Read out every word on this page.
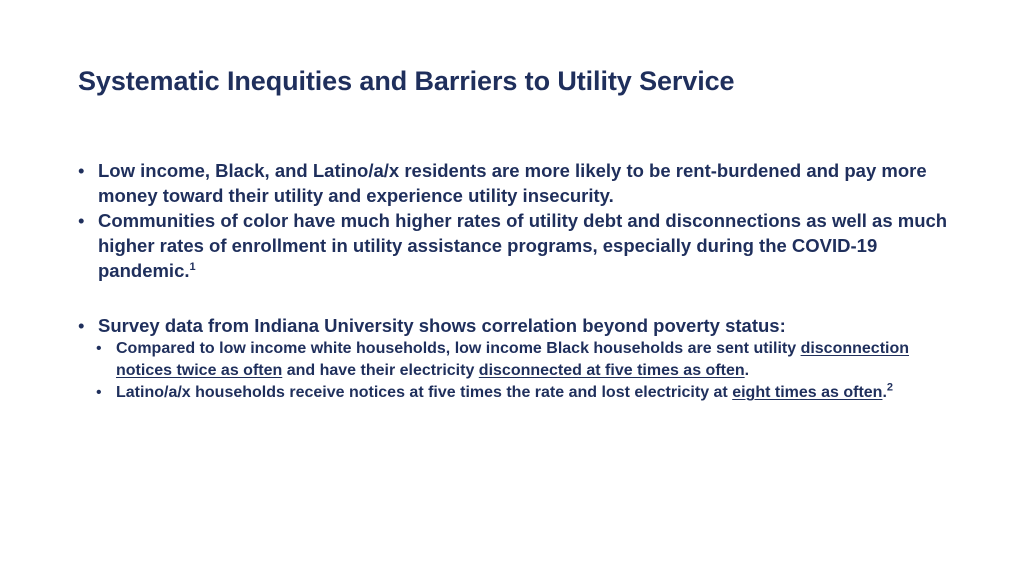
Systematic Inequities and Barriers to Utility Service
• Low income, Black, and Latino/a/x residents are more likely to be rent-burdened and pay more money toward their utility and experience utility insecurity.
• Communities of color have much higher rates of utility debt and disconnections as well as much higher rates of enrollment in utility assistance programs, especially during the COVID-19 pandemic.$^1$
• Survey data from Indiana University shows correlation beyond poverty status:
• Compared to low income white households, low income Black households are sent utility disconnection notices twice as often and have their electricity disconnected at five times as often.
• Latino/a/x households receive notices at five times the rate and lost electricity at eight times as often.$^2$
